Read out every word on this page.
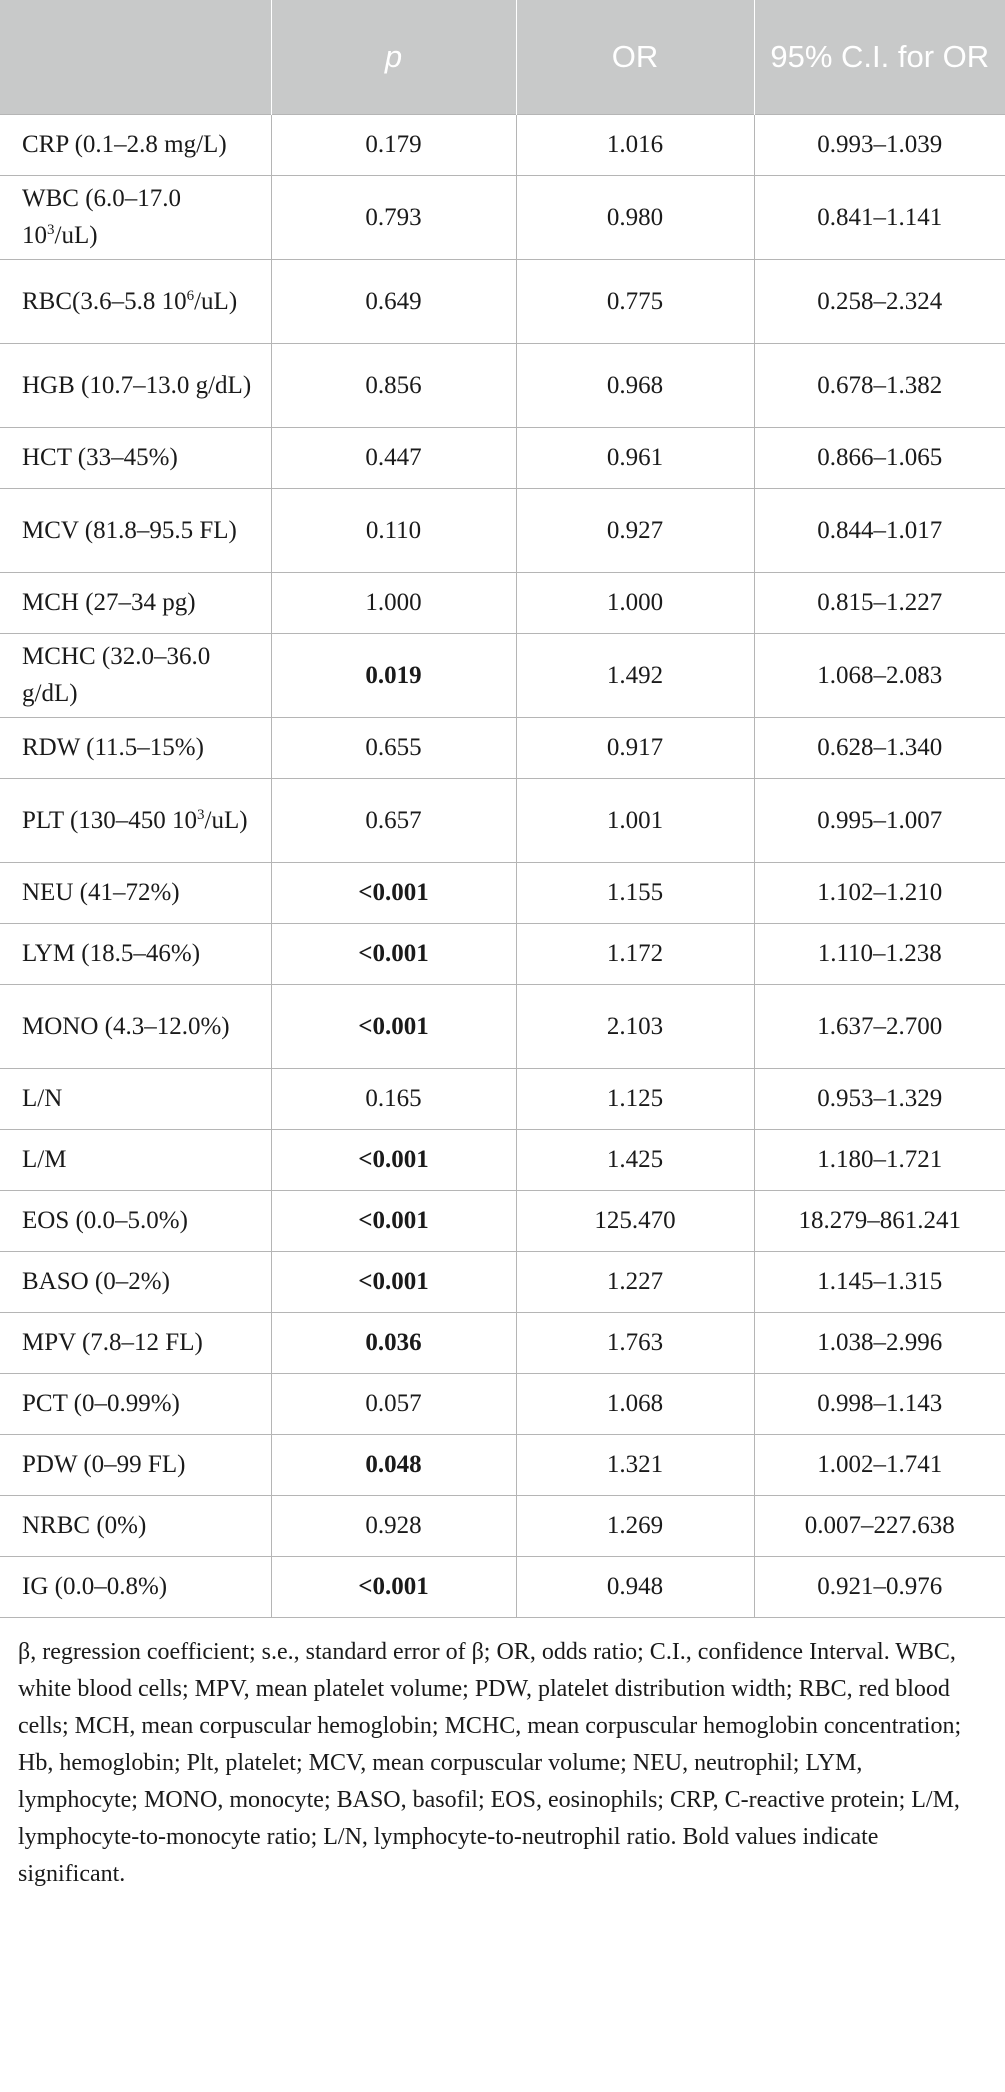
	p	OR	95% C.I. for OR
CRP (0.1–2.8 mg/L)	0.179	1.016	0.993–1.039
WBC (6.0–17.0 $10^3/uL$)	0.793	0.980	0.841–1.141
RBC(3.6–5.8 $10^6/uL$)	0.649	0.775	0.258–2.324
HGB (10.7–13.0 g/dL)	0.856	0.968	0.678–1.382
HCT (33–45%)	0.447	0.961	0.866–1.065
MCV (81.8–95.5 FL)	0.110	0.927	0.844–1.017
MCH (27–34 pg)	1.000	1.000	0.815–1.227
MCHC (32.0–36.0 g/dL)	0.019	1.492	1.068–2.083
RDW (11.5–15%)	0.655	0.917	0.628–1.340
PLT (130–450 $10^3/uL$)	0.657	1.001	0.995–1.007
NEU (41–72%)	<0.001	1.155	1.102–1.210
LYM (18.5–46%)	<0.001	1.172	1.110–1.238
MONO (4.3–12.0%)	<0.001	2.103	1.637–2.700
L/N	0.165	1.125	0.953–1.329
L/M	<0.001	1.425	1.180–1.721
EOS (0.0–5.0%)	<0.001	125.470	18.279–861.241
BASO (0–2%)	<0.001	1.227	1.145–1.315
MPV (7.8–12 FL)	0.036	1.763	1.038–2.996
PCT (0–0.99%)	0.057	1.068	0.998–1.143
PDW (0–99 FL)	0.048	1.321	1.002–1.741
NRBC (0%)	0.928	1.269	0.007–227.638
IG (0.0–0.8%)	<0.001	0.948	0.921–0.976
β, regression coefficient; s.e., standard error of β; OR, odds ratio; C.I., confidence Interval. WBC, white blood cells; MPV, mean platelet volume; PDW, platelet distribution width; RBC, red blood cells; MCH, mean corpuscular hemoglobin; MCHC, mean corpuscular hemoglobin concentration; Hb, hemoglobin; Plt, platelet; MCV, mean corpuscular volume; NEU, neutrophil; LYM, lymphocyte; MONO, monocyte; BASO, basofil; EOS, eosinophils; CRP, C-reactive protein; L/M, lymphocyte-to-monocyte ratio; L/N, lymphocyte-to-neutrophil ratio. Bold values indicate significant.
